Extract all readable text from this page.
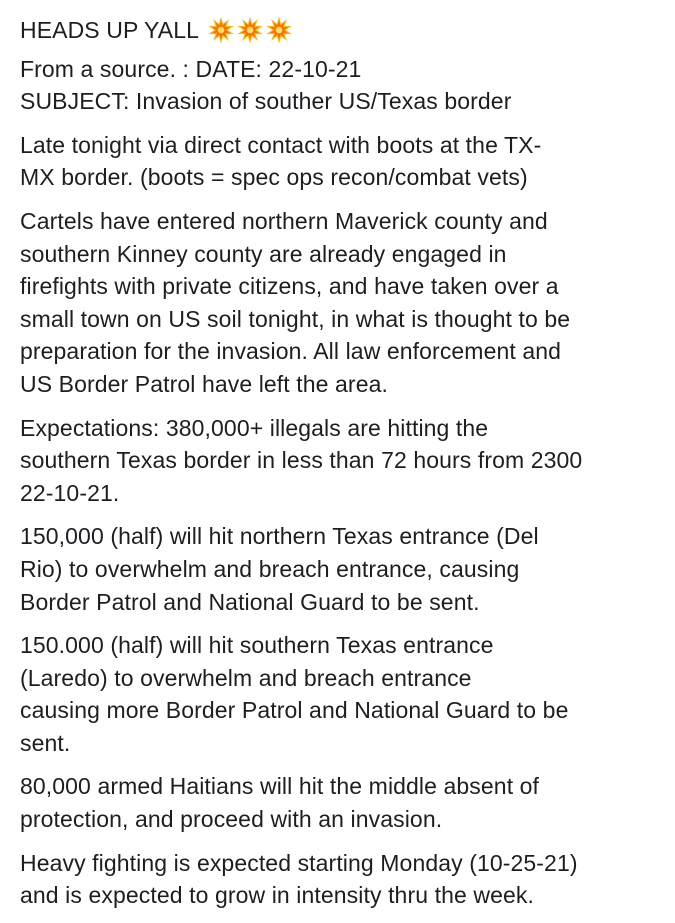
HEADS UP YALL

From a source. : DATE: 22-10-21
SUBJECT: Invasion of souther US/Texas border

Late tonight via direct contact with boots at the TX-
MX border. (boots = spec ops recon/combat vets)

Cartels have entered northern Maverick county and
southern Kinney county are already engaged in
firefights with private citizens, and have taken over a
small town on US soil tonight, in what is thought to be
preparation for the invasion. All law enforcement and
US Border Patrol have left the area.

Expectations: 380,000+ illegals are hitting the
southern Texas border in less than 72 hours from 2300
22-10-21.

150,000 (half) will hit northern Texas entrance (Del
Rio) to overwhelm and breach entrance, causing
Border Patrol and National Guard to be sent.

150.000 (half) will hit southern Texas entrance
(Laredo) to overwhelm and breach entrance
causing more Border Patrol and National Guard to be
sent.

80,000 armed Haitians will hit the middle absent of
protection, and proceed with an invasion.

Heavy fighting is expected starting Monday (10-25-21)
and is expected to grow in intensity thru the week.
